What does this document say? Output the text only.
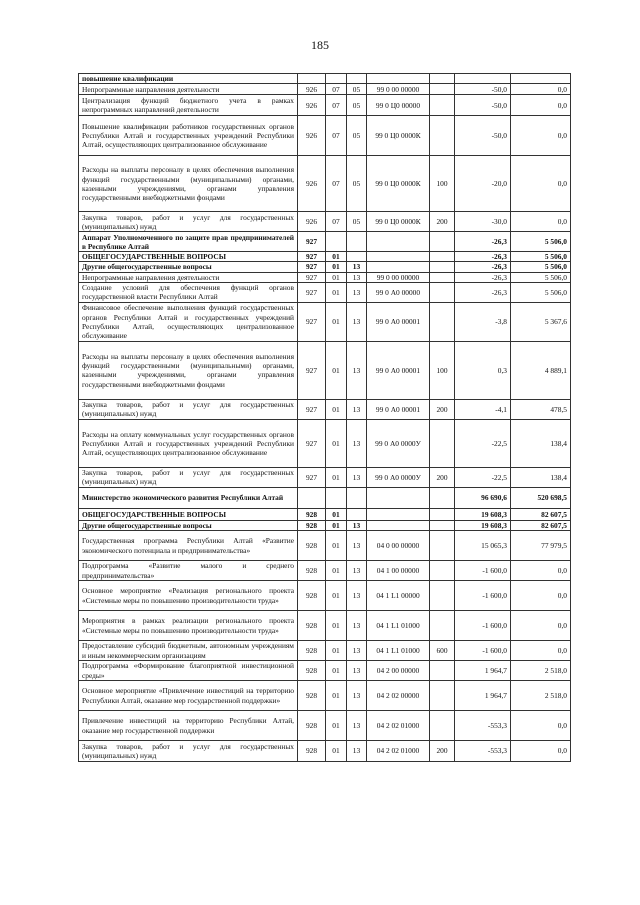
185
повышение квалификации							
Непрограммные направления деятельности	926	07	05	99 0 00 00000		-50,0	0,0
Централизация функций бюджетного учета в рамках непрограммных направлений деятельности	926	07	05	99 0 Ц0 00000		-50,0	0,0
Повышение квалификации работников государственных органов Республики Алтай и государственных учреждений Республики Алтай, осуществляющих централизованное обслуживание	926	07	05	99 0 Ц0 0000К		-50,0	0,0
Расходы на выплаты персоналу в целях обеспечения выполнения функций государственными (муниципальными) органами, казенными учреждениями, органами управления государственными внебюджетными фондами	926	07	05	99 0 Ц0 0000К	100	-20,0	0,0
Закупка товаров, работ и услуг для государственных (муниципальных) нужд	926	07	05	99 0 Ц0 0000К	200	-30,0	0,0
Аппарат Уполномоченного по защите прав предпринимателей в Республике Алтай	927					-26,3	5 506,0
ОБЩЕГОСУДАРСТВЕННЫЕ ВОПРОСЫ	927	01				-26,3	5 506,0
Другие общегосударственные вопросы	927	01	13			-26,3	5 506,0
Непрограммные направления деятельности	927	01	13	99 0 00 00000		-26,3	5 506,0
Создание условий для обеспечения функций органов государственной власти Республики Алтай	927	01	13	99 0 А0 00000		-26,3	5 506,0
Финансовое обеспечение выполнения функций государственных органов Республики Алтай и государственных учреждений Республики Алтай, осуществляющих централизованное обслуживание	927	01	13	99 0 А0 00001		-3,8	5 367,6
Расходы на выплаты персоналу в целях обеспечения выполнения функций государственными (муниципальными) органами, казенными учреждениями, органами управления государственными внебюджетными фондами	927	01	13	99 0 А0 00001	100	0,3	4 889,1
Закупка товаров, работ и услуг для государственных (муниципальных) нужд	927	01	13	99 0 А0 00001	200	-4,1	478,5
Расходы на оплату коммунальных услуг государственных органов Республики Алтай и государственных учреждений Республики Алтай, осуществляющих централизованное обслуживание	927	01	13	99 0 А0 0000У		-22,5	138,4
Закупка товаров, работ и услуг для государственных (муниципальных) нужд	927	01	13	99 0 А0 0000У	200	-22,5	138,4
Министерство экономического развития Республики Алтай						96 690,6	520 698,5
ОБЩЕГОСУДАРСТВЕННЫЕ ВОПРОСЫ	928	01				19 608,3	82 607,5
Другие общегосударственные вопросы	928	01	13			19 608,3	82 607,5
Государственная программа Республики Алтай «Развитие экономического потенциала и предпринимательства»	928	01	13	04 0 00 00000		15 065,3	77 979,5
Подпрограмма «Развитие малого и среднего предпринимательства»	928	01	13	04 1 00 00000		-1 600,0	0,0
Основное мероприятие «Реализация регионального проекта «Системные меры по повышению производительности труда»	928	01	13	04 1 L1 00000		-1 600,0	0,0
Мероприятия в рамках реализации регионального проекта «Системные меры по повышению производительности труда»	928	01	13	04 1 L1 01000		-1 600,0	0,0
Предоставление субсидий бюджетным, автономным учреждениям и иным некоммерческим организациям	928	01	13	04 1 L1 01000	600	-1 600,0	0,0
Подпрограмма «Формирование благоприятной инвестиционной среды»	928	01	13	04 2 00 00000		1 964,7	2 518,0
Основное мероприятие «Привлечение инвестиций на территорию Республики Алтай, оказание мер государственной поддержки»	928	01	13	04 2 02 00000		1 964,7	2 518,0
Привлечение инвестиций на территорию Республики Алтай, оказание мер государственной поддержки	928	01	13	04 2 02 01000		-553,3	0,0
Закупка товаров, работ и услуг для государственных (муниципальных) нужд	928	01	13	04 2 02 01000	200	-553,3	0,0
